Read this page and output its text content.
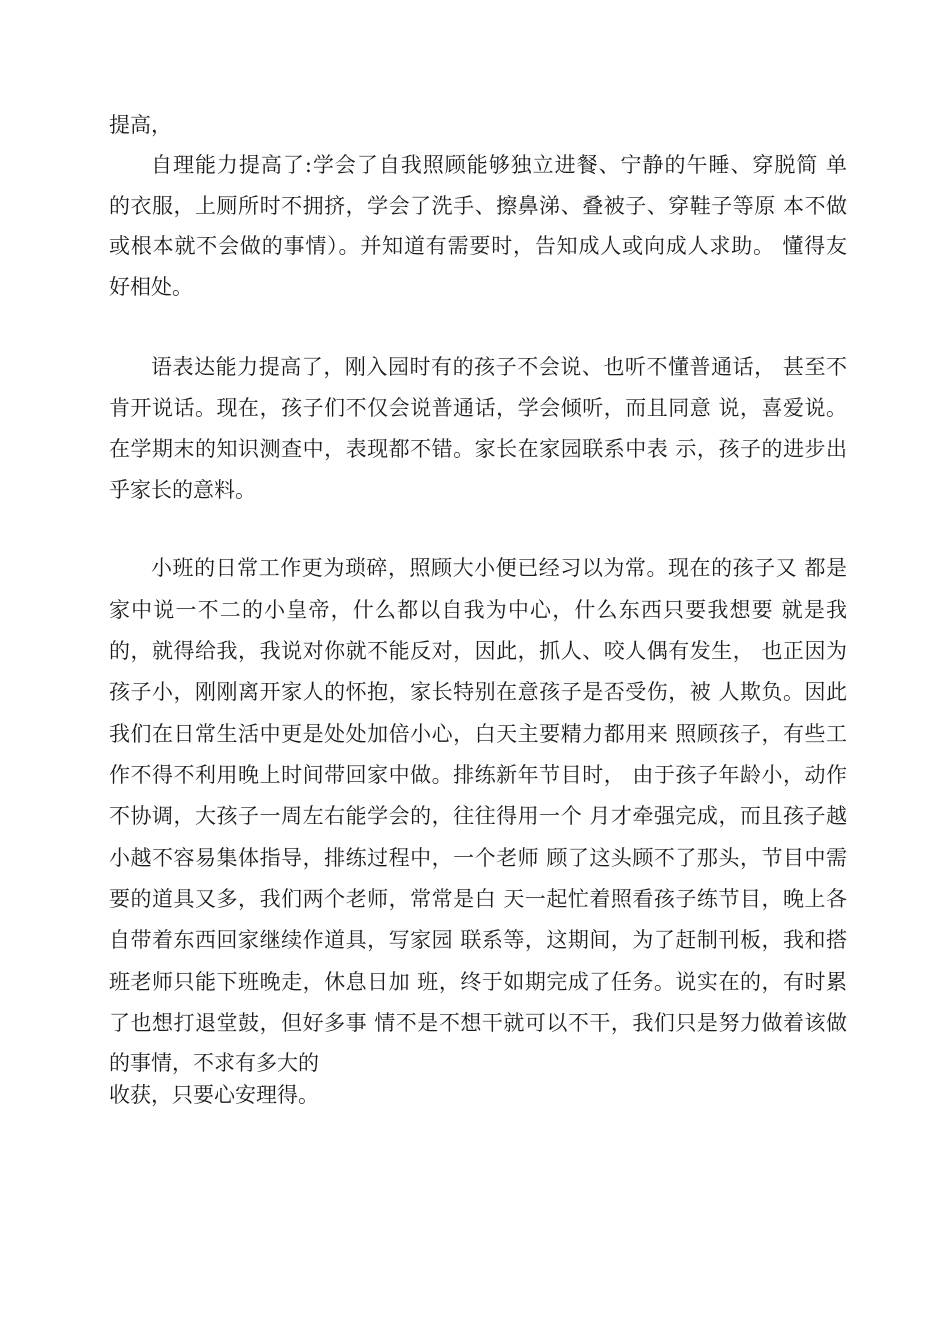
提高，

自理能力提高了:学会了自我照顾能够独立进餐、宁静的午睡、穿脱简 单

的衣服，上厕所时不拥挤，学会了洗手、擦鼻涕、叠被子、穿鞋子等原 本不做

或根本就不会做的事情）。并知道有需要时，告知成人或向成人求助。 懂得友

好相处。

语表达能力提高了，刚入园时有的孩子不会说、也听不懂普通话， 甚至不

肯开说话。现在，孩子们不仅会说普通话，学会倾听，而且同意 说，喜爱说。

在学期末的知识测查中，表现都不错。家长在家园联系中表 示，孩子的进步出

乎家长的意料。

小班的日常工作更为琐碎，照顾大小便已经习以为常。现在的孩子又 都是

家中说一不二的小皇帝，什么都以自我为中心，什么东西只要我想要 就是我

的，就得给我，我说对你就不能反对，因此，抓人、咬人偶有发生， 也正因为

孩子小，刚刚离开家人的怀抱，家长特别在意孩子是否受伤，被 人欺负。因此

我们在日常生活中更是处处加倍小心，白天主要精力都用来 照顾孩子，有些工

作不得不利用晚上时间带回家中做。排练新年节目时， 由于孩子年龄小，动作

不协调，大孩子一周左右能学会的，往往得用一个 月才牵强完成，而且孩子越

小越不容易集体指导，排练过程中，一个老师 顾了这头顾不了那头，节目中需

要的道具又多，我们两个老师，常常是白 天一起忙着照看孩子练节目，晚上各

自带着东西回家继续作道具，写家园 联系等，这期间，为了赶制刊板，我和搭

班老师只能下班晚走，休息日加 班，终于如期完成了任务。说实在的，有时累

了也想打退堂鼓，但好多事 情不是不想干就可以不干，我们只是努力做着该做

的事情，不求有多大的

收获，只要心安理得。
